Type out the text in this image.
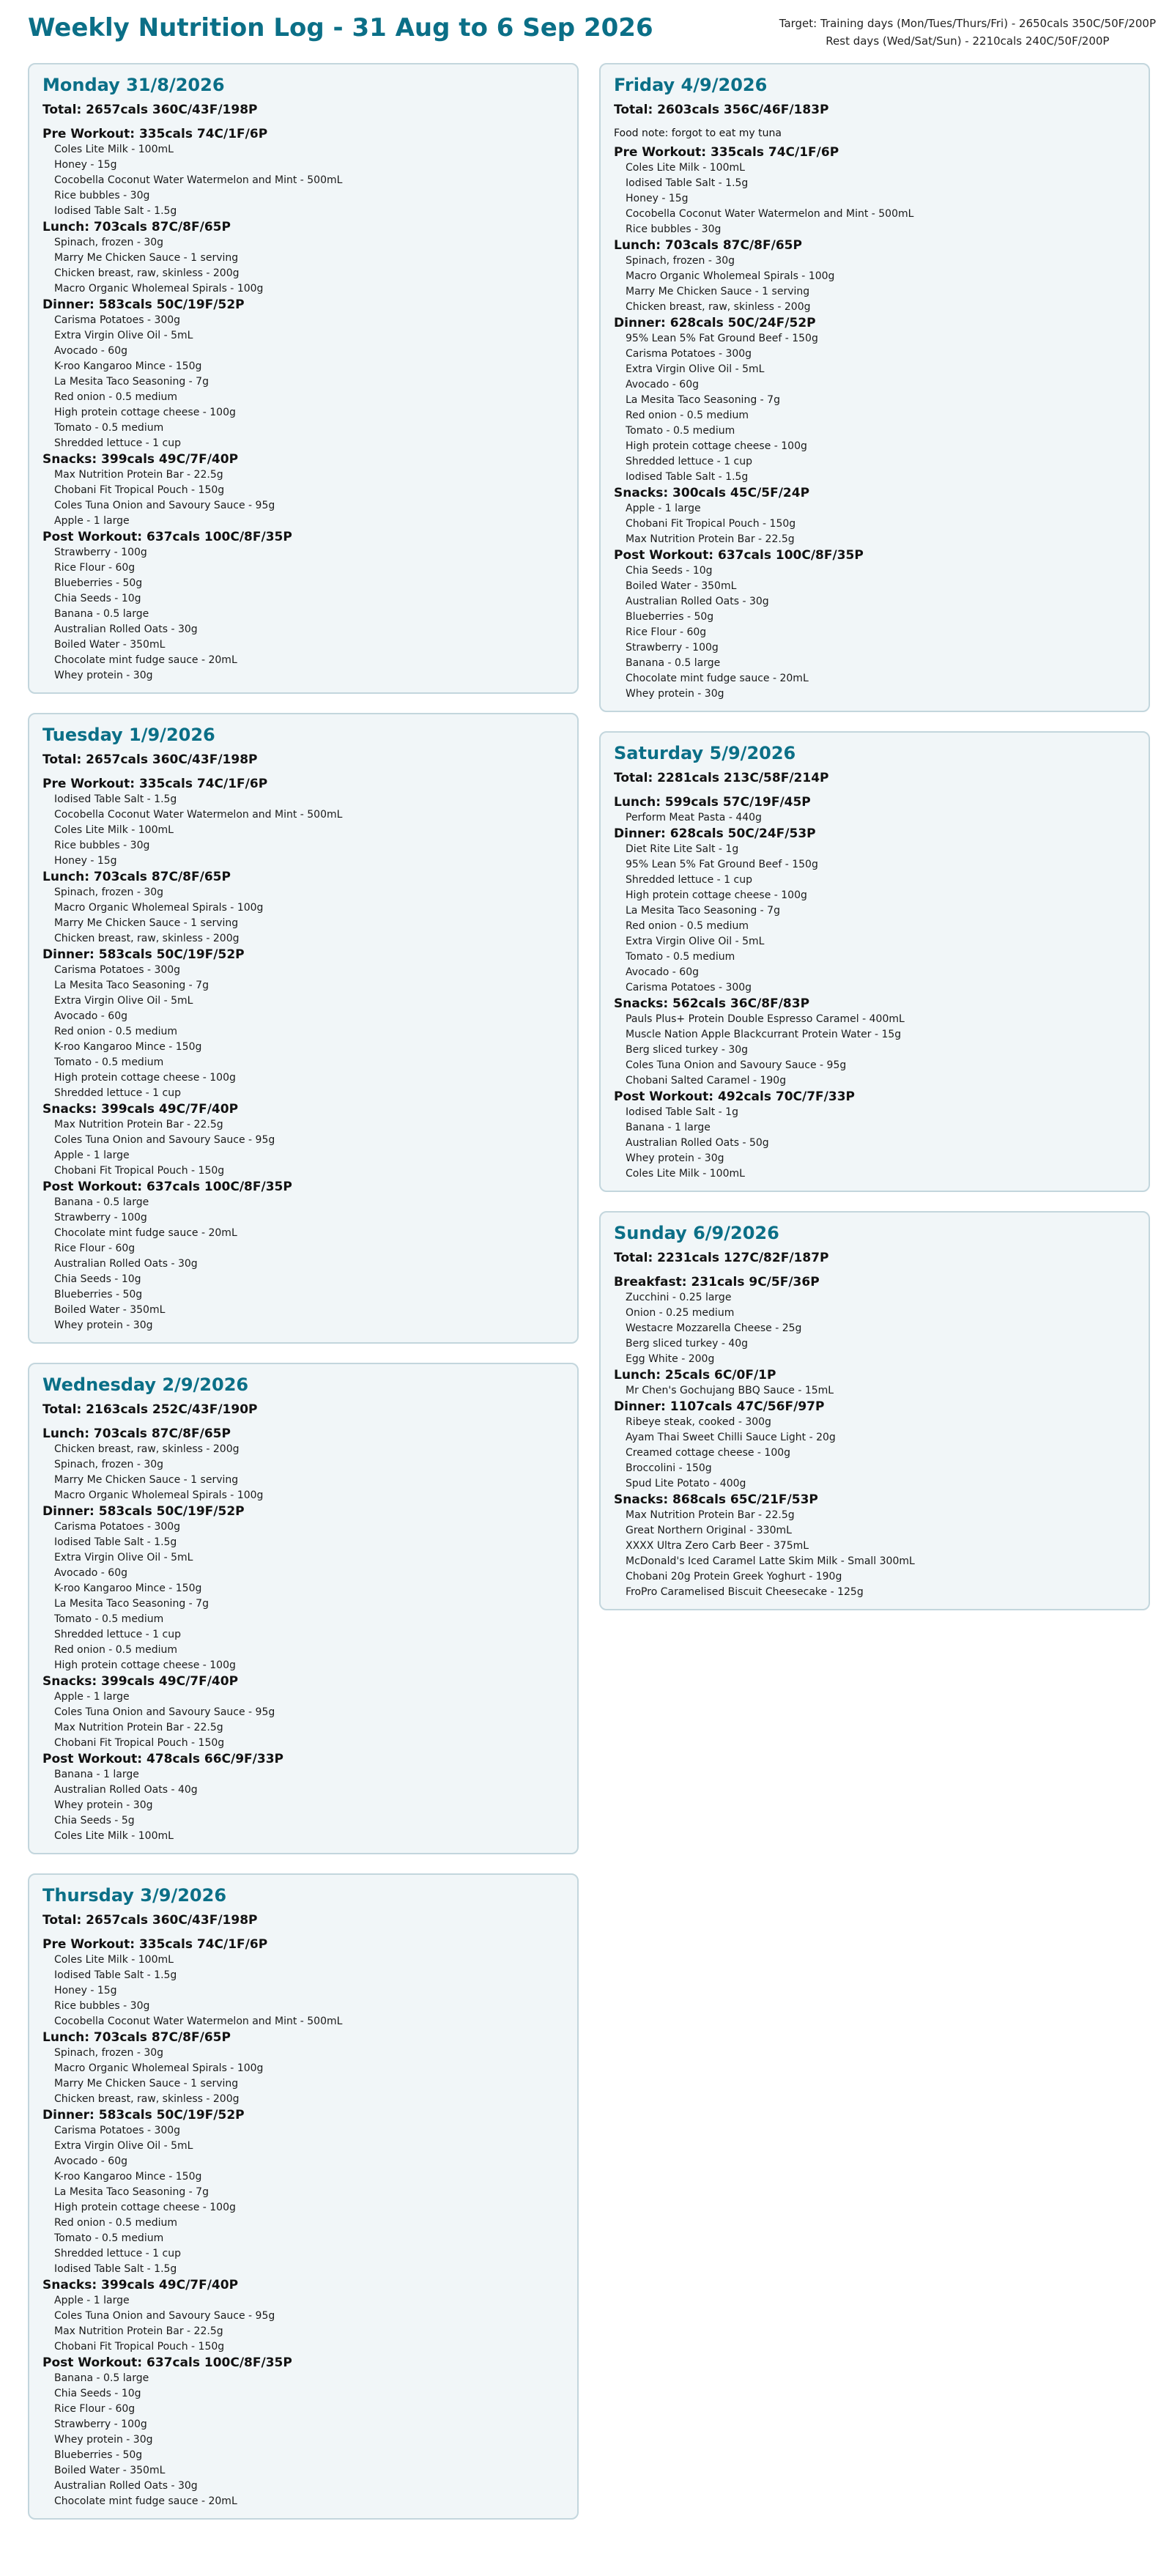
Weekly Nutrition Log - 31 Aug to 6 Sep 2026	Target: Training days (Mon/Tues/Thurs/Fri) - 2650cals 350C/50F/200P
Rest days (Wed/Sat/Sun) - 2210cals 240C/50F/200P
Monday 31/8/2026
Total: 2657cals 360C/43F/198P
Pre Workout: 335cals 74C/1F/6P
Coles Lite Milk - 100mL
Honey - 15g
Cocobella Coconut Water Watermelon and Mint - 500mL
Rice bubbles - 30g
Iodised Table Salt - 1.5g
Lunch: 703cals 87C/8F/65P
Spinach, frozen - 30g
Marry Me Chicken Sauce - 1 serving
Chicken breast, raw, skinless - 200g
Macro Organic Wholemeal Spirals - 100g
Dinner: 583cals 50C/19F/52P
Carisma Potatoes - 300g
Extra Virgin Olive Oil - 5mL
Avocado - 60g
K-roo Kangaroo Mince - 150g
La Mesita Taco Seasoning - 7g
Red onion - 0.5 medium
High protein cottage cheese - 100g
Tomato - 0.5 medium
Shredded lettuce - 1 cup
Snacks: 399cals 49C/7F/40P
Max Nutrition Protein Bar - 22.5g
Chobani Fit Tropical Pouch - 150g
Coles Tuna Onion and Savoury Sauce - 95g
Apple - 1 large
Post Workout: 637cals 100C/8F/35P
Strawberry - 100g
Rice Flour - 60g
Blueberries - 50g
Chia Seeds - 10g
Banana - 0.5 large
Australian Rolled Oats - 30g
Boiled Water - 350mL
Chocolate mint fudge sauce - 20mL
Whey protein - 30g
Tuesday 1/9/2026
Total: 2657cals 360C/43F/198P
Pre Workout: 335cals 74C/1F/6P
Iodised Table Salt - 1.5g
Cocobella Coconut Water Watermelon and Mint - 500mL
Coles Lite Milk - 100mL
Rice bubbles - 30g
Honey - 15g
Lunch: 703cals 87C/8F/65P
Spinach, frozen - 30g
Macro Organic Wholemeal Spirals - 100g
Marry Me Chicken Sauce - 1 serving
Chicken breast, raw, skinless - 200g
Dinner: 583cals 50C/19F/52P
Carisma Potatoes - 300g
La Mesita Taco Seasoning - 7g
Extra Virgin Olive Oil - 5mL
Avocado - 60g
Red onion - 0.5 medium
K-roo Kangaroo Mince - 150g
Tomato - 0.5 medium
High protein cottage cheese - 100g
Shredded lettuce - 1 cup
Snacks: 399cals 49C/7F/40P
Max Nutrition Protein Bar - 22.5g
Coles Tuna Onion and Savoury Sauce - 95g
Apple - 1 large
Chobani Fit Tropical Pouch - 150g
Post Workout: 637cals 100C/8F/35P
Banana - 0.5 large
Strawberry - 100g
Chocolate mint fudge sauce - 20mL
Rice Flour - 60g
Australian Rolled Oats - 30g
Chia Seeds - 10g
Blueberries - 50g
Boiled Water - 350mL
Whey protein - 30g
Wednesday 2/9/2026
Total: 2163cals 252C/43F/190P
Lunch: 703cals 87C/8F/65P
Chicken breast, raw, skinless - 200g
Spinach, frozen - 30g
Marry Me Chicken Sauce - 1 serving
Macro Organic Wholemeal Spirals - 100g
Dinner: 583cals 50C/19F/52P
Carisma Potatoes - 300g
Iodised Table Salt - 1.5g
Extra Virgin Olive Oil - 5mL
Avocado - 60g
K-roo Kangaroo Mince - 150g
La Mesita Taco Seasoning - 7g
Tomato - 0.5 medium
Shredded lettuce - 1 cup
Red onion - 0.5 medium
High protein cottage cheese - 100g
Snacks: 399cals 49C/7F/40P
Apple - 1 large
Coles Tuna Onion and Savoury Sauce - 95g
Max Nutrition Protein Bar - 22.5g
Chobani Fit Tropical Pouch - 150g
Post Workout: 478cals 66C/9F/33P
Banana - 1 large
Australian Rolled Oats - 40g
Whey protein - 30g
Chia Seeds - 5g
Coles Lite Milk - 100mL
Thursday 3/9/2026
Total: 2657cals 360C/43F/198P
Pre Workout: 335cals 74C/1F/6P
Coles Lite Milk - 100mL
Iodised Table Salt - 1.5g
Honey - 15g
Rice bubbles - 30g
Cocobella Coconut Water Watermelon and Mint - 500mL
Lunch: 703cals 87C/8F/65P
Spinach, frozen - 30g
Macro Organic Wholemeal Spirals - 100g
Marry Me Chicken Sauce - 1 serving
Chicken breast, raw, skinless - 200g
Dinner: 583cals 50C/19F/52P
Carisma Potatoes - 300g
Extra Virgin Olive Oil - 5mL
Avocado - 60g
K-roo Kangaroo Mince - 150g
La Mesita Taco Seasoning - 7g
High protein cottage cheese - 100g
Red onion - 0.5 medium
Tomato - 0.5 medium
Shredded lettuce - 1 cup
Iodised Table Salt - 1.5g
Snacks: 399cals 49C/7F/40P
Apple - 1 large
Coles Tuna Onion and Savoury Sauce - 95g
Max Nutrition Protein Bar - 22.5g
Chobani Fit Tropical Pouch - 150g
Post Workout: 637cals 100C/8F/35P
Banana - 0.5 large
Chia Seeds - 10g
Rice Flour - 60g
Strawberry - 100g
Whey protein - 30g
Blueberries - 50g
Boiled Water - 350mL
Australian Rolled Oats - 30g
Chocolate mint fudge sauce - 20mL
Friday 4/9/2026
Total: 2603cals 356C/46F/183P
Food note: forgot to eat my tuna
Pre Workout: 335cals 74C/1F/6P
Coles Lite Milk - 100mL
Iodised Table Salt - 1.5g
Honey - 15g
Cocobella Coconut Water Watermelon and Mint - 500mL
Rice bubbles - 30g
Lunch: 703cals 87C/8F/65P
Spinach, frozen - 30g
Macro Organic Wholemeal Spirals - 100g
Marry Me Chicken Sauce - 1 serving
Chicken breast, raw, skinless - 200g
Dinner: 628cals 50C/24F/52P
95% Lean 5% Fat Ground Beef - 150g
Carisma Potatoes - 300g
Extra Virgin Olive Oil - 5mL
Avocado - 60g
La Mesita Taco Seasoning - 7g
Red onion - 0.5 medium
Tomato - 0.5 medium
High protein cottage cheese - 100g
Shredded lettuce - 1 cup
Iodised Table Salt - 1.5g
Snacks: 300cals 45C/5F/24P
Apple - 1 large
Chobani Fit Tropical Pouch - 150g
Max Nutrition Protein Bar - 22.5g
Post Workout: 637cals 100C/8F/35P
Chia Seeds - 10g
Boiled Water - 350mL
Australian Rolled Oats - 30g
Blueberries - 50g
Rice Flour - 60g
Strawberry - 100g
Banana - 0.5 large
Chocolate mint fudge sauce - 20mL
Whey protein - 30g
Saturday 5/9/2026
Total: 2281cals 213C/58F/214P
Lunch: 599cals 57C/19F/45P
Perform Meat Pasta - 440g
Dinner: 628cals 50C/24F/53P
Diet Rite Lite Salt - 1g
95% Lean 5% Fat Ground Beef - 150g
Shredded lettuce - 1 cup
High protein cottage cheese - 100g
La Mesita Taco Seasoning - 7g
Red onion - 0.5 medium
Extra Virgin Olive Oil - 5mL
Tomato - 0.5 medium
Avocado - 60g
Carisma Potatoes - 300g
Snacks: 562cals 36C/8F/83P
Pauls Plus+ Protein Double Espresso Caramel - 400mL
Muscle Nation Apple Blackcurrant Protein Water - 15g
Berg sliced turkey - 30g
Coles Tuna Onion and Savoury Sauce - 95g
Chobani Salted Caramel - 190g
Post Workout: 492cals 70C/7F/33P
Iodised Table Salt - 1g
Banana - 1 large
Australian Rolled Oats - 50g
Whey protein - 30g
Coles Lite Milk - 100mL
Sunday 6/9/2026
Total: 2231cals 127C/82F/187P
Breakfast: 231cals 9C/5F/36P
Zucchini - 0.25 large
Onion - 0.25 medium
Westacre Mozzarella Cheese - 25g
Berg sliced turkey - 40g
Egg White - 200g
Lunch: 25cals 6C/0F/1P
Mr Chen's Gochujang BBQ Sauce - 15mL
Dinner: 1107cals 47C/56F/97P
Ribeye steak, cooked - 300g
Ayam Thai Sweet Chilli Sauce Light - 20g
Creamed cottage cheese - 100g
Broccolini - 150g
Spud Lite Potato - 400g
Snacks: 868cals 65C/21F/53P
Max Nutrition Protein Bar - 22.5g
Great Northern Original - 330mL
XXXX Ultra Zero Carb Beer - 375mL
McDonald's Iced Caramel Latte Skim Milk - Small 300mL
Chobani 20g Protein Greek Yoghurt - 190g
FroPro Caramelised Biscuit Cheesecake - 125g
